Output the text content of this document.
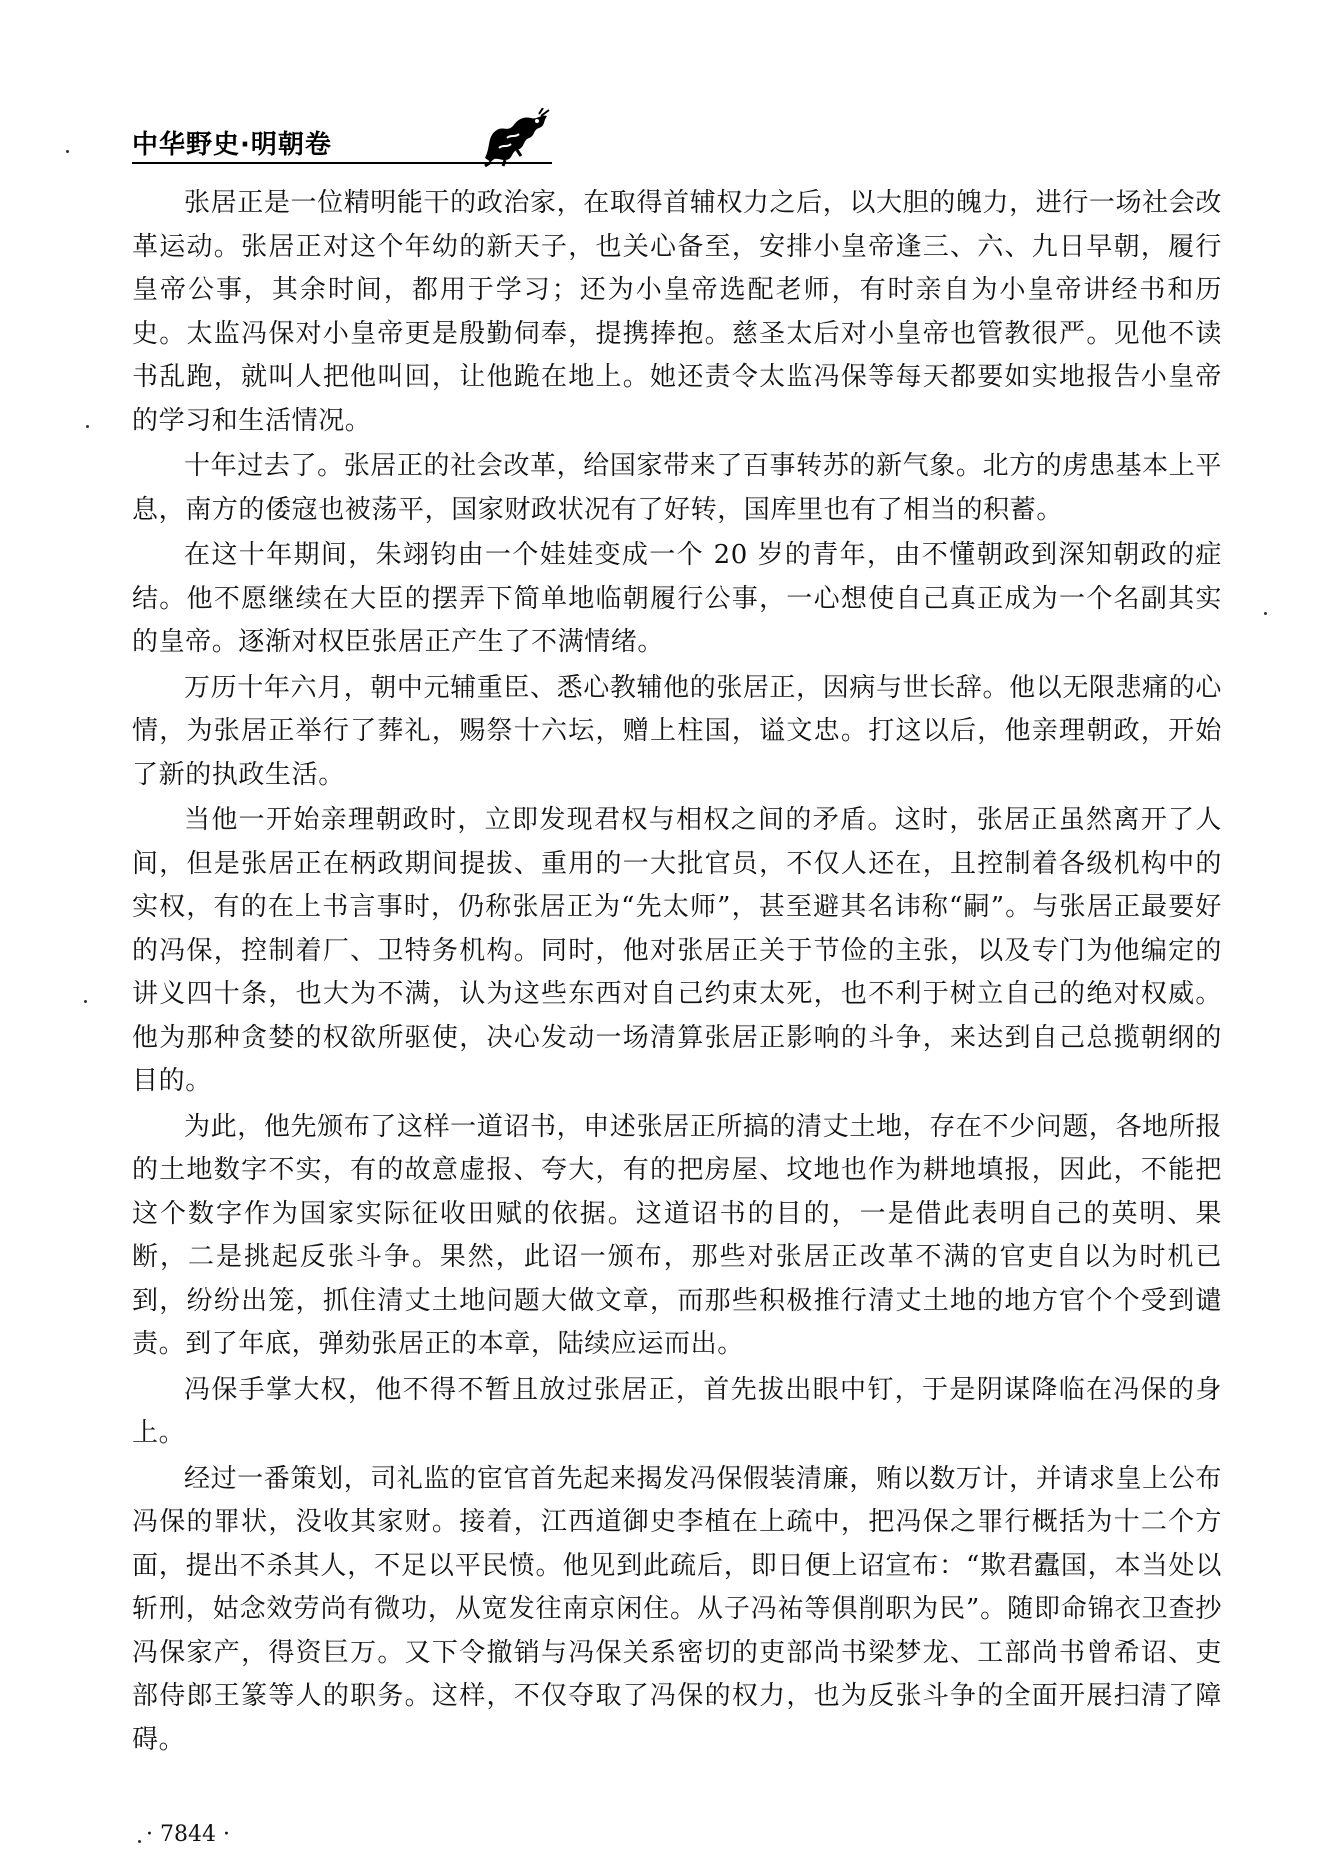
中华野史·明朝卷

张居正是一位精明能干的政治家，在取得首辅权力之后，以大胆的魄力，进行一场社会改革运动。张居正对这个年幼的新天子，也关心备至，安排小皇帝逢三、六、九日早朝，履行皇帝公事，其余时间，都用于学习；还为小皇帝选配老师，有时亲自为小皇帝讲经书和历史。太监冯保对小皇帝更是殷勤伺奉，提携捧抱。慈圣太后对小皇帝也管教很严。见他不读书乱跑，就叫人把他叫回，让他跪在地上。她还责令太监冯保等每天都要如实地报告小皇帝的学习和生活情况。

十年过去了。张居正的社会改革，给国家带来了百事转苏的新气象。北方的虏患基本上平息，南方的倭寇也被荡平，国家财政状况有了好转，国库里也有了相当的积蓄。

在这十年期间，朱翊钧由一个娃娃变成一个 20 岁的青年，由不懂朝政到深知朝政的症结。他不愿继续在大臣的摆弄下简单地临朝履行公事，一心想使自己真正成为一个名副其实的皇帝。逐渐对权臣张居正产生了不满情绪。

万历十年六月，朝中元辅重臣、悉心教辅他的张居正，因病与世长辞。他以无限悲痛的心情，为张居正举行了葬礼，赐祭十六坛，赠上柱国，谥文忠。打这以后，他亲理朝政，开始了新的执政生活。

当他一开始亲理朝政时，立即发现君权与相权之间的矛盾。这时，张居正虽然离开了人间，但是张居正在柄政期间提拔、重用的一大批官员，不仅人还在，且控制着各级机构中的实权，有的在上书言事时，仍称张居正为“先太师”，甚至避其名讳称“嗣”。与张居正最要好的冯保，控制着厂、卫特务机构。同时，他对张居正关于节俭的主张，以及专门为他编定的讲义四十条，也大为不满，认为这些东西对自己约束太死，也不利于树立自己的绝对权威。他为那种贪婪的权欲所驱使，决心发动一场清算张居正影响的斗争，来达到自己总揽朝纲的目的。

为此，他先颁布了这样一道诏书，申述张居正所搞的清丈土地，存在不少问题，各地所报的土地数字不实，有的故意虚报、夸大，有的把房屋、坟地也作为耕地填报，因此，不能把这个数字作为国家实际征收田赋的依据。这道诏书的目的，一是借此表明自己的英明、果断，二是挑起反张斗争。果然，此诏一颁布，那些对张居正改革不满的官吏自以为时机已到，纷纷出笼，抓住清丈土地问题大做文章，而那些积极推行清丈土地的地方官个个受到谴责。到了年底，弹劾张居正的本章，陆续应运而出。

冯保手掌大权，他不得不暂且放过张居正，首先拔出眼中钉，于是阴谋降临在冯保的身上。

经过一番策划，司礼监的宦官首先起来揭发冯保假装清廉，贿以数万计，并请求皇上公布冯保的罪状，没收其家财。接着，江西道御史李植在上疏中，把冯保之罪行概括为十二个方面，提出不杀其人，不足以平民愤。他见到此疏后，即日便上诏宣布：“欺君蠹国，本当处以斩刑，姑念效劳尚有微功，从宽发往南京闲住。从子冯祐等俱削职为民”。随即命锦衣卫查抄冯保家产，得资巨万。又下令撤销与冯保关系密切的吏部尚书梁梦龙、工部尚书曾希诏、吏部侍郎王篆等人的职务。这样，不仅夺取了冯保的权力，也为反张斗争的全面开展扫清了障碍。

· 7844 ·
